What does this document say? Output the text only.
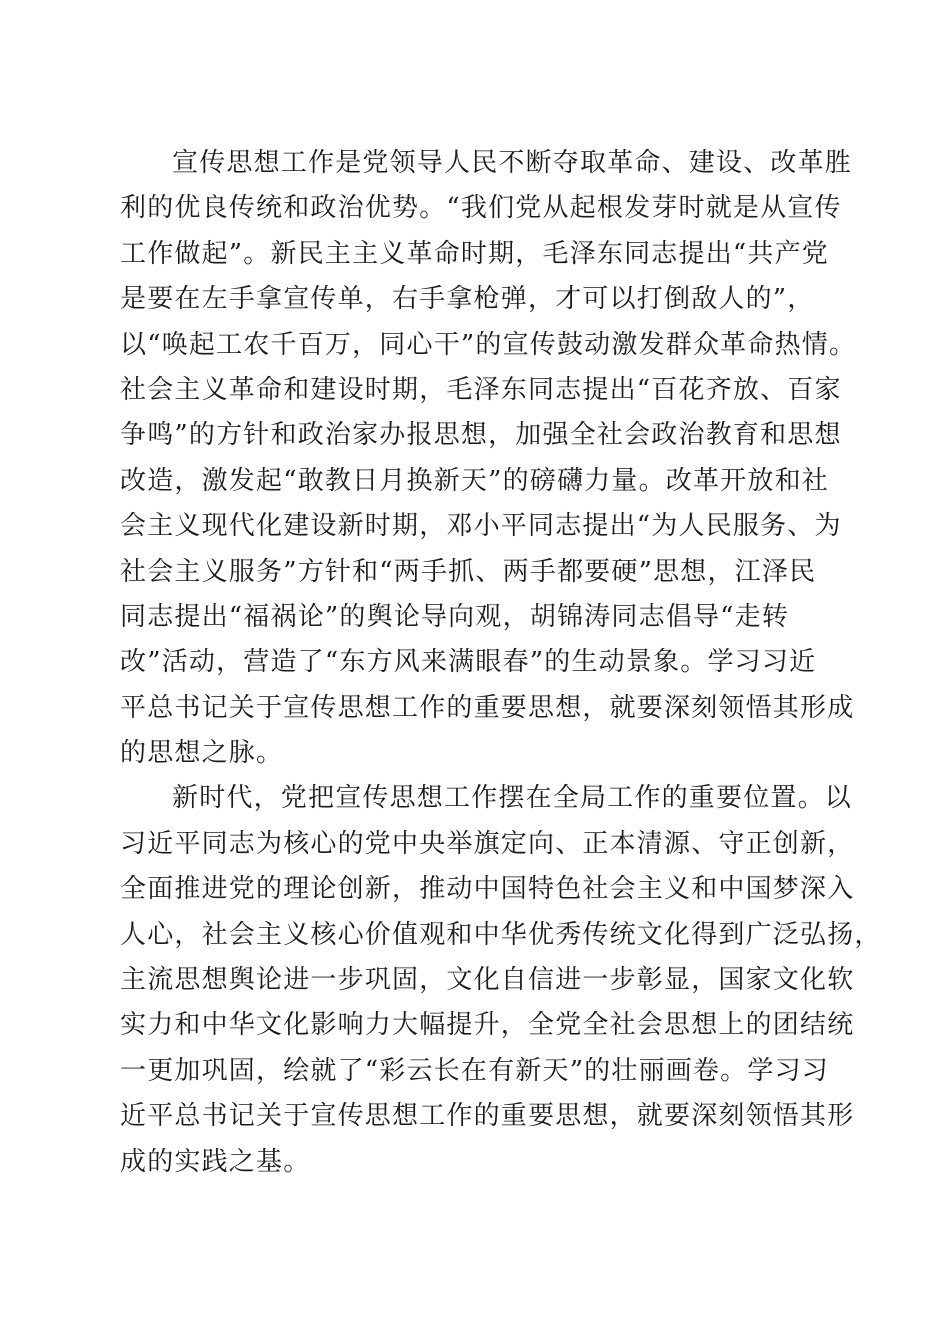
宣传思想工作是党领导人民不断夺取革命、建设、改革胜
利的优良传统和政治优势。“我们党从起根发芽时就是从宣传
工作做起”。新民主主义革命时期，毛泽东同志提出“共产党
是要在左手拿宣传单，右手拿枪弹，才可以打倒敌人的”，
以“唤起工农千百万，同心干”的宣传鼓动激发群众革命热情。
社会主义革命和建设时期，毛泽东同志提出“百花齐放、百家
争鸣”的方针和政治家办报思想，加强全社会政治教育和思想
改造，激发起“敢教日月换新天”的磅礴力量。改革开放和社
会主义现代化建设新时期，邓小平同志提出“为人民服务、为
社会主义服务”方针和“两手抓、两手都要硬”思想，江泽民
同志提出“福祸论”的舆论导向观，胡锦涛同志倡导“走转
改”活动，营造了“东方风来满眼春”的生动景象。学习习近
平总书记关于宣传思想工作的重要思想，就要深刻领悟其形成
的思想之脉。
新时代，党把宣传思想工作摆在全局工作的重要位置。以
习近平同志为核心的党中央举旗定向、正本清源、守正创新，
全面推进党的理论创新，推动中国特色社会主义和中国梦深入
人心，社会主义核心价值观和中华优秀传统文化得到广泛弘扬，
主流思想舆论进一步巩固，文化自信进一步彰显，国家文化软
实力和中华文化影响力大幅提升，全党全社会思想上的团结统
一更加巩固，绘就了“彩云长在有新天”的壮丽画卷。学习习
近平总书记关于宣传思想工作的重要思想，就要深刻领悟其形
成的实践之基。
